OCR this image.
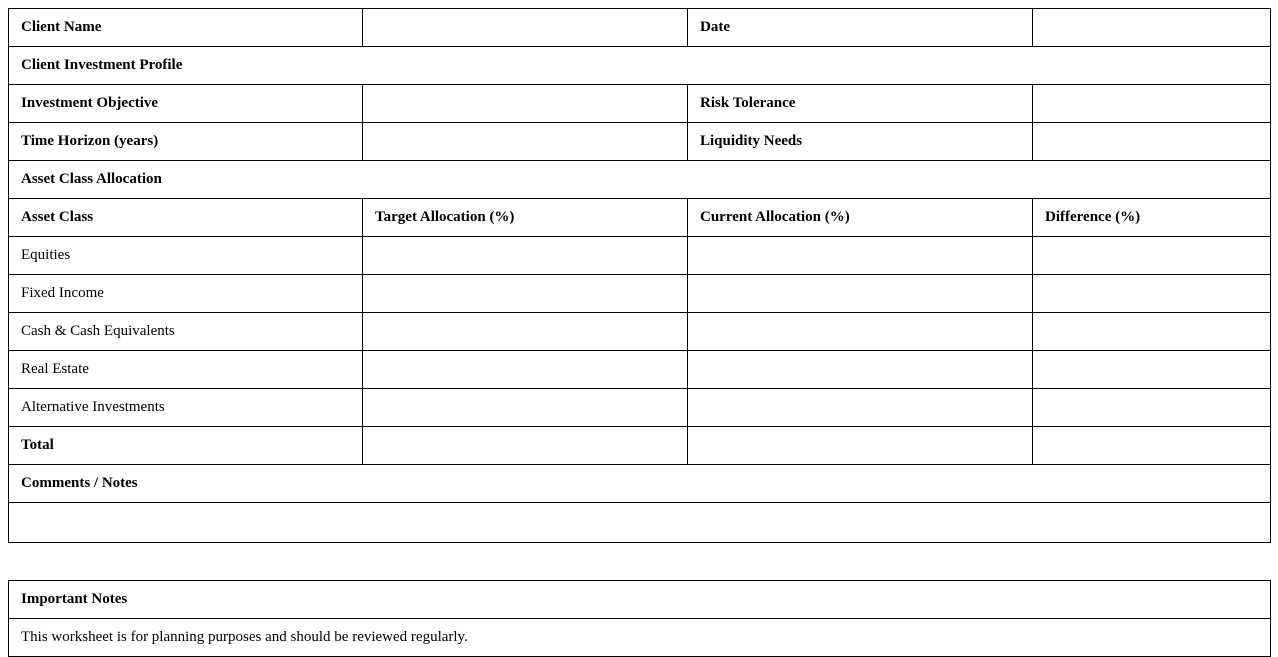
Client Name		Date	
Client Investment Profile			
Investment Objective		Risk Tolerance	
Time Horizon (years)		Liquidity Needs	
Asset Class Allocation			
Asset Class	Target Allocation (%)	Current Allocation (%)	Difference (%)
Equities			
Fixed Income			
Cash & Cash Equivalents			
Real Estate			
Alternative Investments			
Total			
Comments / Notes			

Important Notes
This worksheet is for planning purposes and should be reviewed regularly.
